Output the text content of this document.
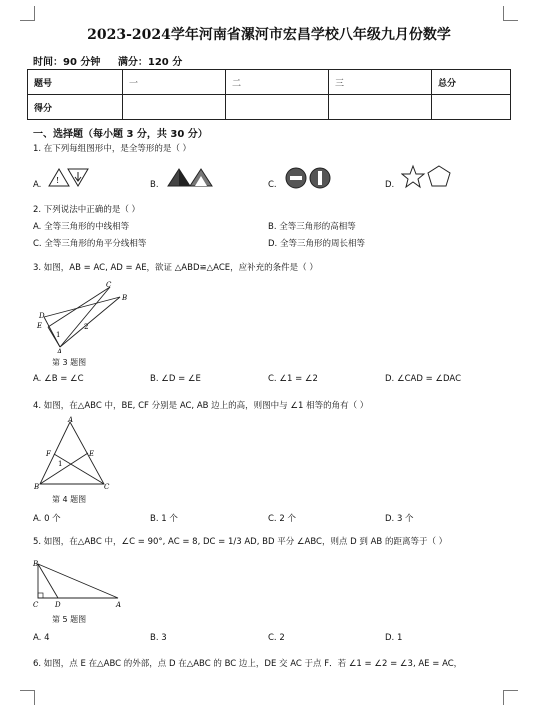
2023-2024学年河南省漯河市宏昌学校八年级九月份数学
时间：90 分钟 满分：120 分
题号	一	二	三	总分
得分				
一、选择题（每小题 3 分，共 30 分）
1. 在下列每组图形中，是全等形的是（ ）
A. !	B.	C.	D.
2. 下列说法中正确的是（ ）
A. 全等三角形的中线相等	B. 全等三角形的高相等
C. 全等三角形的角平分线相等	D. 全等三角形的周长相等
3. 如图，AB = AC, AD = AE，欲证 △ABD≌△ACE，应补充的条件是（ ）
C
B
E
D
1
2
A
第 3 题图
A. ∠B = ∠C	B. ∠D = ∠E	C. ∠1 = ∠2	D. ∠CAD = ∠DAC
4. 如图，在△ABC 中，BE, CF 分别是 AC, AB 边上的高，则图中与 ∠1 相等的角有（ ）
A
F	E
1
B	C
第 4 题图
A. 0 个	B. 1 个	C. 2 个	D. 3 个
5. 如图，在△ABC 中，∠C = 90°, AC = 8, DC = 1/3 AD, BD 平分 ∠ABC，则点 D 到 AB 的距离等于（ ）
B
C D	A
第 5 题图
A. 4	B. 3	C. 2	D. 1
6. 如图，点 E 在△ABC 的外部，点 D 在△ABC 的 BC 边上，DE 交 AC 于点 F．若 ∠1 = ∠2 = ∠3, AE = AC，
